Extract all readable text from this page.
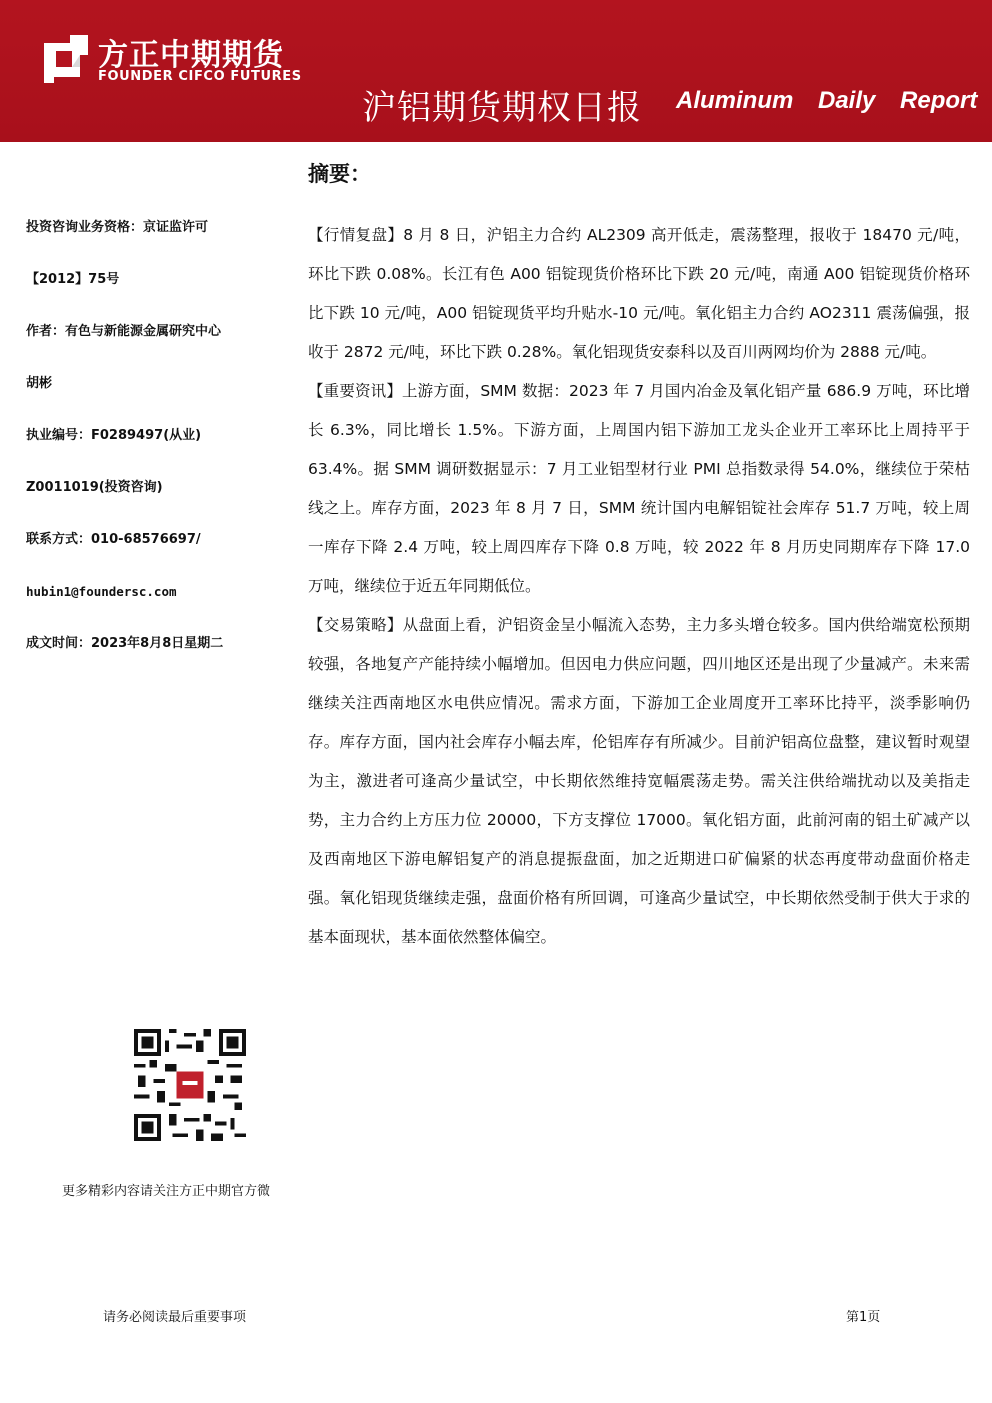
方正中期期货
FOUNDER CIFCO FUTURES
沪铝期货期权日报 Aluminum Daily Report
摘要：
投资咨询业务资格：京证监许可
【2012】75号
作者：有色与新能源金属研究中心
胡彬
执业编号：F0289497(从业)
Z0011019(投资咨询)
联系方式：010-68576697/
hubin1@foundersc.com
成文时间：2023年8月8日星期二

【行情复盘】8 月 8 日，沪铝主力合约 AL2309 高开低走，震荡整理，报收于 18470 元/吨，环比下跌 0.08%。长江有色 A00 铝锭现货价格环比下跌 20 元/吨，南通 A00 铝锭现货价格环比下跌 10 元/吨，A00 铝锭现货平均升贴水-10 元/吨。氧化铝主力合约 AO2311 震荡偏强，报收于 2872 元/吨，环比下跌 0.28%。氧化铝现货安泰科以及百川两网均价为 2888 元/吨。

【重要资讯】上游方面，SMM 数据：2023 年 7 月国内冶金及氧化铝产量 686.9 万吨，环比增长 6.3%，同比增长 1.5%。下游方面，上周国内铝下游加工龙头企业开工率环比上周持平于 63.4%。据 SMM 调研数据显示：7 月工业铝型材行业 PMI 总指数录得 54.0%，继续位于荣枯线之上。库存方面，2023 年 8 月 7 日，SMM 统计国内电解铝锭社会库存 51.7 万吨，较上周一库存下降 2.4 万吨，较上周四库存下降 0.8 万吨，较 2022 年 8 月历史同期库存下降 17.0 万吨，继续位于近五年同期低位。

【交易策略】从盘面上看，沪铝资金呈小幅流入态势，主力多头增仓较多。国内供给端宽松预期较强，各地复产产能持续小幅增加。但因电力供应问题，四川地区还是出现了少量减产。未来需继续关注西南地区水电供应情况。需求方面，下游加工企业周度开工率环比持平，淡季影响仍存。库存方面，国内社会库存小幅去库，伦铝库存有所减少。目前沪铝高位盘整，建议暂时观望为主，激进者可逢高少量试空，中长期依然维持宽幅震荡走势。需关注供给端扰动以及美指走势，主力合约上方压力位 20000，下方支撑位 17000。氧化铝方面，此前河南的铝土矿减产以及西南地区下游电解铝复产的消息提振盘面，加之近期进口矿偏紧的状态再度带动盘面价格走强。氧化铝现货继续走强，盘面价格有所回调，可逢高少量试空，中长期依然受制于供大于求的基本面现状，基本面依然整体偏空。

更多精彩内容请关注方正中期官方微
请务必阅读最后重要事项	第1页
